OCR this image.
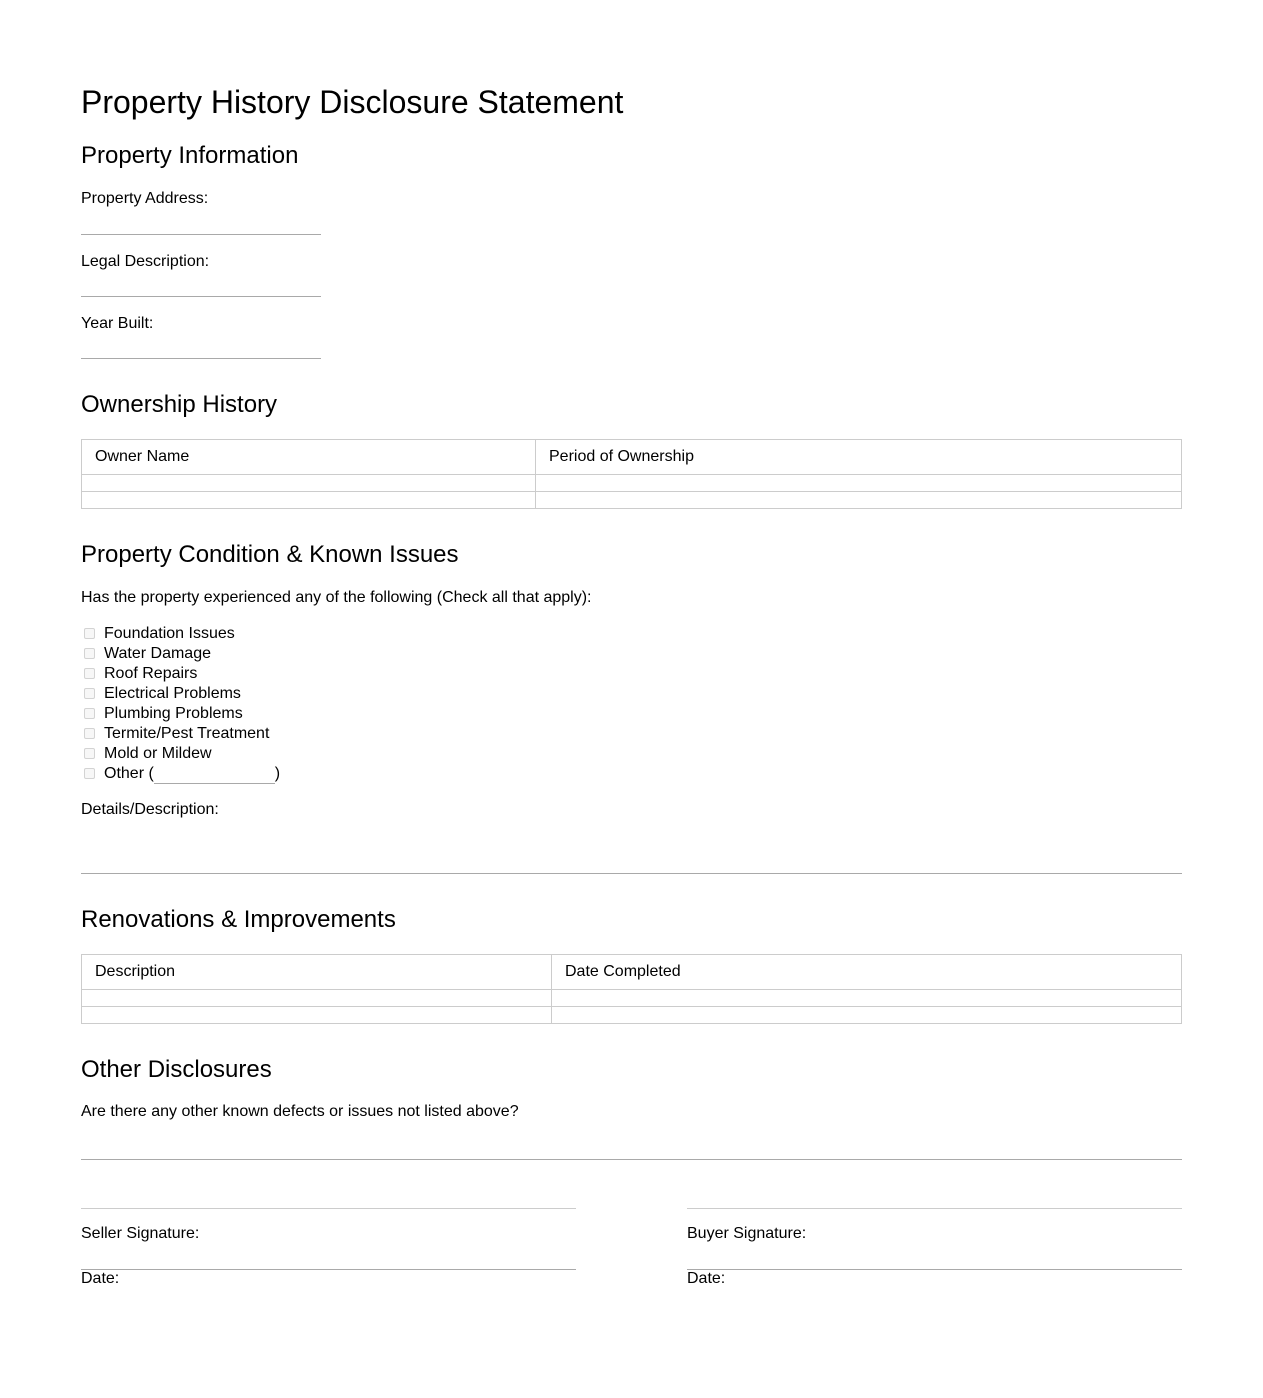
Property History Disclosure Statement
Property Information
Property Address:
Legal Description:
Year Built:
Ownership History
Owner Name	Period of Ownership

Property Condition & Known Issues
Has the property experienced any of the following (Check all that apply):
Foundation Issues
Water Damage
Roof Repairs
Electrical Problems
Plumbing Problems
Termite/Pest Treatment
Mold or Mildew
Other (	)
Details/Description:
Renovations & Improvements
Description	Date Completed

Other Disclosures
Are there any other known defects or issues not listed above?
Seller Signature:
Date:
Buyer Signature:
Date:
